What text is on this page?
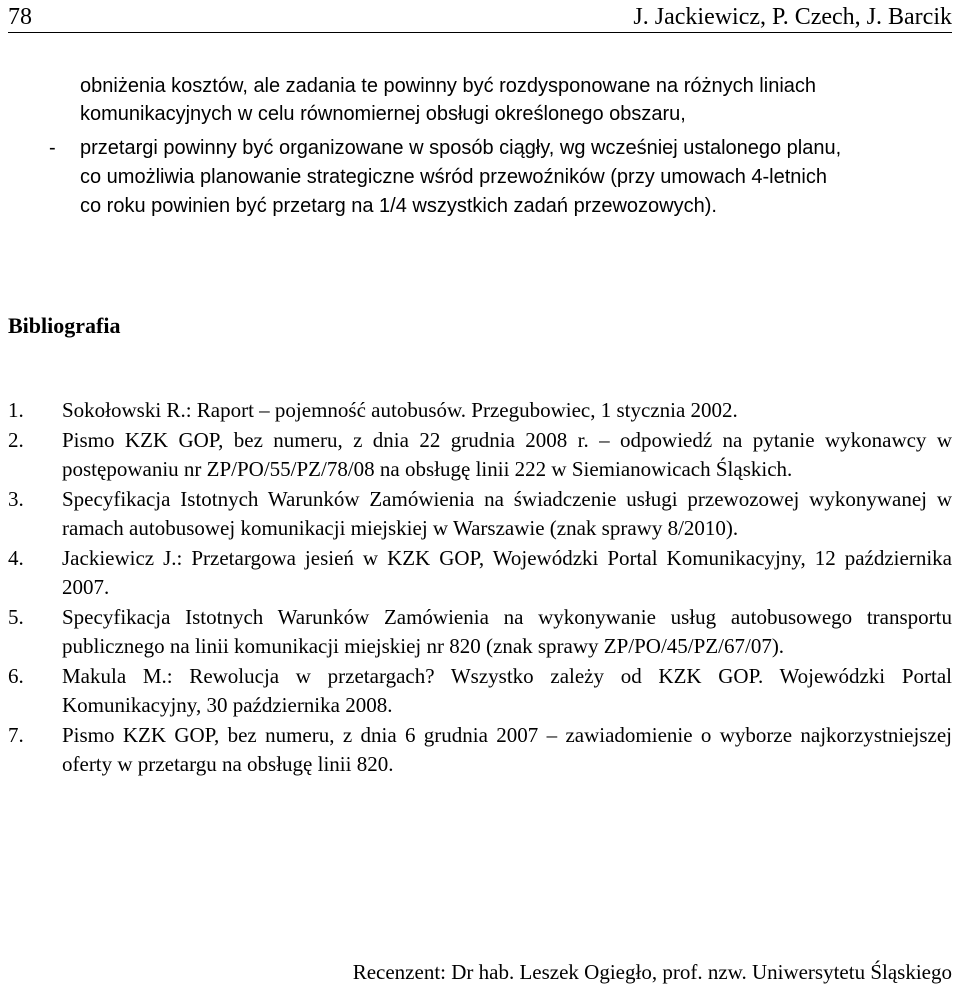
78	J. Jackiewicz, P. Czech, J. Barcik
obniżenia kosztów, ale zadania te powinny być rozdysponowane na różnych liniach
komunikacyjnych w celu równomiernej obsługi określonego obszaru,
- przetargi powinny być organizowane w sposób ciągły, wg wcześniej ustalonego planu,
co umożliwia planowanie strategiczne wśród przewoźników (przy umowach 4-letnich
co roku powinien być przetarg na 1/4 wszystkich zadań przewozowych).
Bibliografia
1. Sokołowski R.: Raport – pojemność autobusów. Przegubowiec, 1 stycznia 2002.
2. Pismo KZK GOP, bez numeru, z dnia 22 grudnia 2008 r. – odpowiedź na pytanie wykonawcy w postępowaniu nr ZP/PO/55/PZ/78/08 na obsługę linii 222 w Siemianowicach Śląskich.
3. Specyfikacja Istotnych Warunków Zamówienia na świadczenie usługi przewozowej wykonywanej w ramach autobusowej komunikacji miejskiej w Warszawie (znak sprawy 8/2010).
4. Jackiewicz J.: Przetargowa jesień w KZK GOP, Wojewódzki Portal Komunikacyjny, 12 października 2007.
5. Specyfikacja Istotnych Warunków Zamówienia na wykonywanie usług autobusowego transportu publicznego na linii komunikacji miejskiej nr 820 (znak sprawy ZP/PO/45/PZ/67/07).
6. Makula M.: Rewolucja w przetargach? Wszystko zależy od KZK GOP. Wojewódzki Portal Komunikacyjny, 30 października 2008.
7. Pismo KZK GOP, bez numeru, z dnia 6 grudnia 2007 – zawiadomienie o wyborze najkorzystniejszej oferty w przetargu na obsługę linii 820.
Recenzent: Dr hab. Leszek Ogiegło, prof. nzw. Uniwersytetu Śląskiego
